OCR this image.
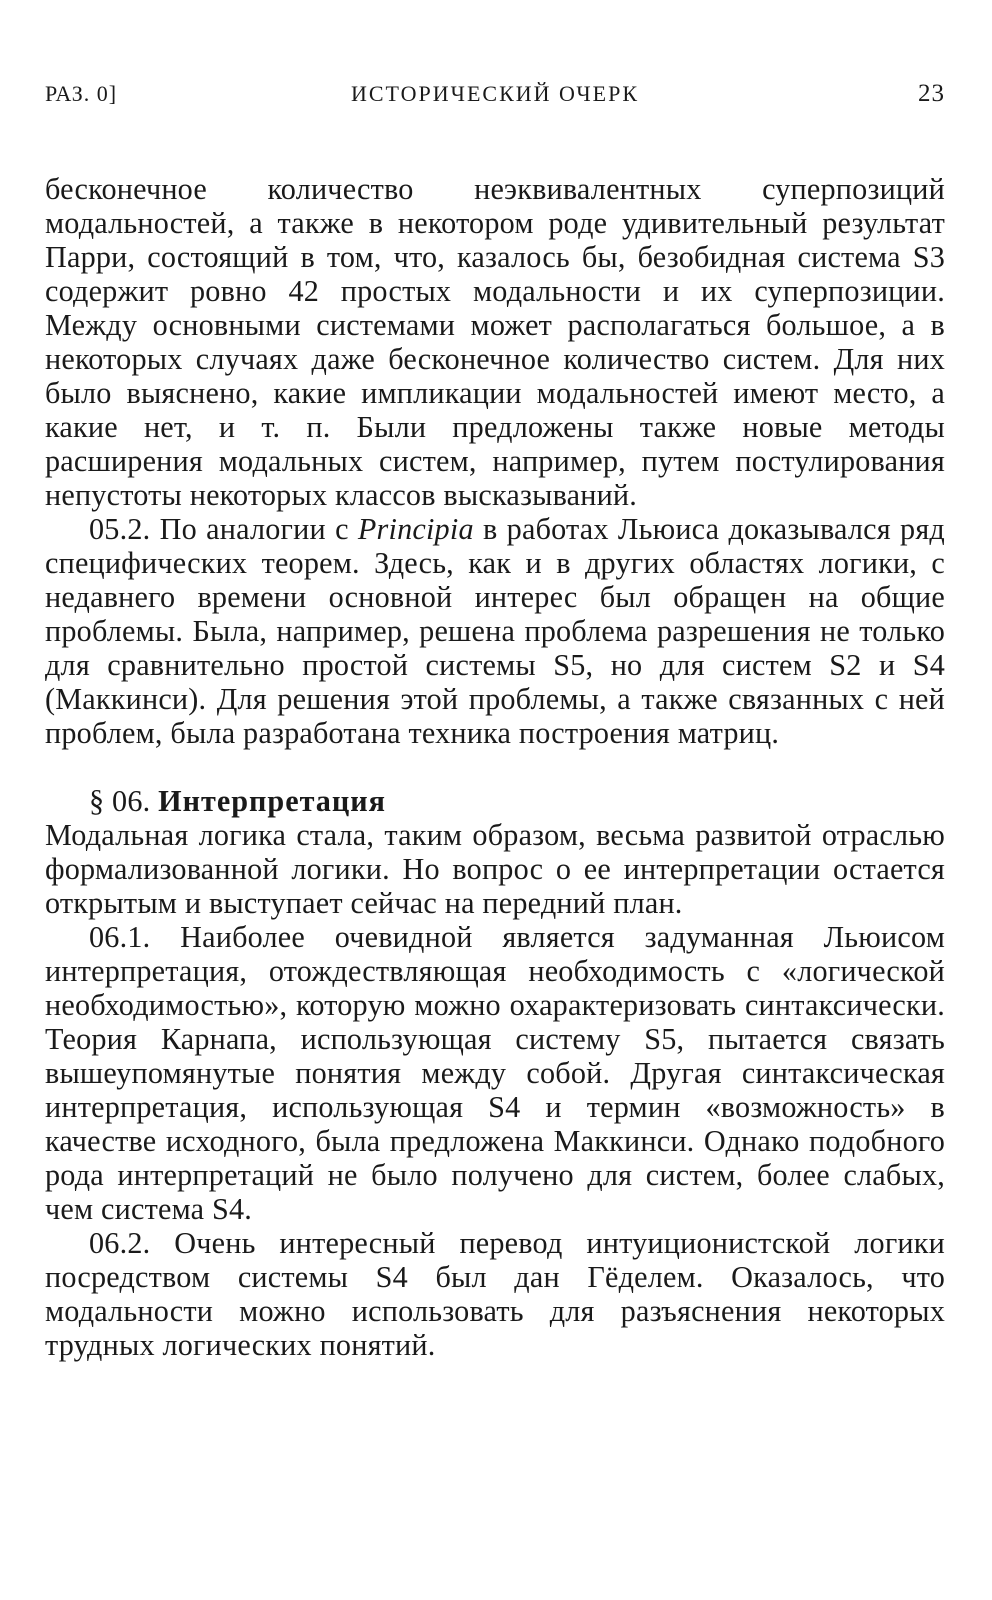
РАЗ. 0]	ИСТОРИЧЕСКИЙ ОЧЕРК	23

бесконечное количество неэквивалентных суперпозиций модальностей, а также в некотором роде удивительный результат Парри, состоящий в том, что, казалось бы, безобидная система S3 содержит ровно 42 простых модальности и их суперпозиции. Между основными системами может располагаться большое, а в некоторых случаях даже бесконечное количество систем. Для них было выяснено, какие импликации модальностей имеют место, а какие нет, и т. п. Были предложены также новые методы расширения модальных систем, например, путем постулирования непустоты некоторых классов высказываний.

05.2. По аналогии с Principia в работах Льюиса доказывался ряд специфических теорем. Здесь, как и в других областях логики, с недавнего времени основной интерес был обращен на общие проблемы. Была, например, решена проблема разрешения не только для сравнительно простой системы S5, но для систем S2 и S4 (Маккинси). Для решения этой проблемы, а также связанных с ней проблем, была разработана техника построения матриц.

§ 06. Интерпретация

Модальная логика стала, таким образом, весьма развитой отраслью формализованной логики. Но вопрос о ее интерпретации остается открытым и выступает сейчас на передний план.

06.1. Наиболее очевидной является задуманная Льюисом интерпретация, отождествляющая необходимость с «логической необходимостью», которую можно охарактеризовать синтаксически. Теория Карнапа, использующая систему S5, пытается связать вышеупомянутые понятия между собой. Другая синтаксическая интерпретация, использующая S4 и термин «возможность» в качестве исходного, была предложена Маккинси. Однако подобного рода интерпретаций не было получено для систем, более слабых, чем система S4.

06.2. Очень интересный перевод интуиционистской логики посредством системы S4 был дан Гёделем. Оказалось, что модальности можно использовать для разъяснения некоторых трудных логических понятий.
